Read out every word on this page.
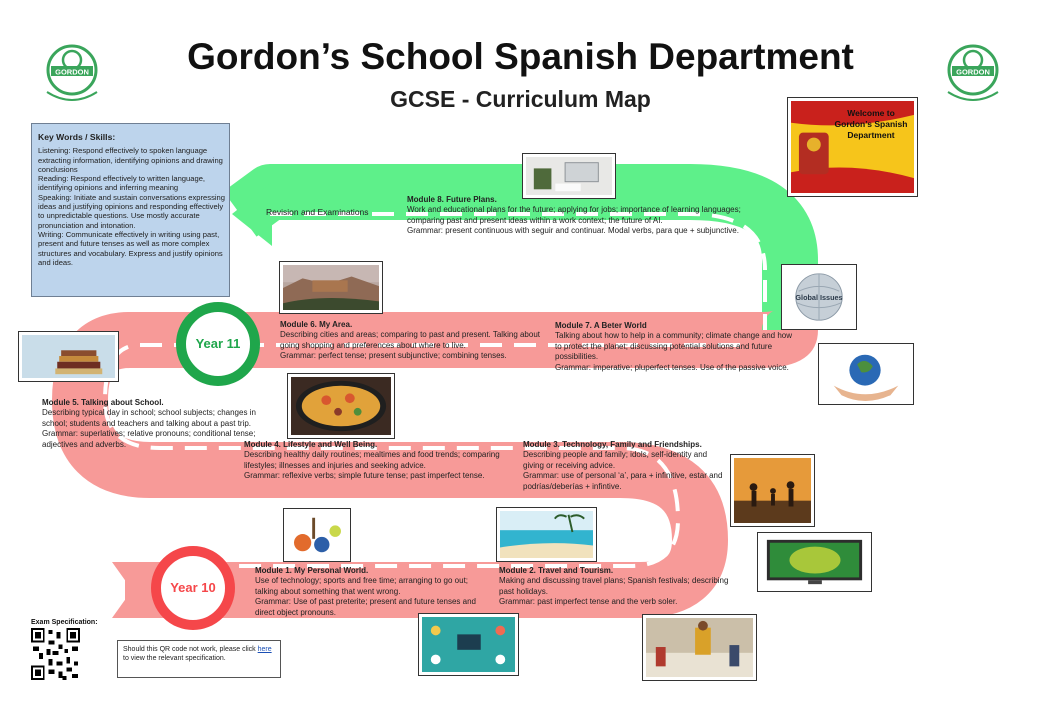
GORDON	GORDON
Gordon’s School Spanish Department
GCSE - Curriculum Map
Key Words / Skills:

Listening: Respond effectively to spoken language extracting information, identifying opinions and drawing conclusions

Reading: Respond effectively to written language, identifying opinions and inferring meaning

Speaking: Initiate and sustain conversations expressing ideas and justifying opinions and responding effectively to unpredictable questions. Use mostly accurate pronunciation and intonation.

Writing: Communicate effectively in writing using past, present and future tenses as well as more complex structures and vocabulary. Express and justify opinions and ideas.

Revision and Examinations
Year 11
Year 10
Welcome to Gordon’s Spanish Department
Global Issues
Module 8. Future Plans.

Work and educational plans for the future; applying for jobs; importance of learning languages; comparing past and present ideas within a work context; the future of AI.

Grammar: present continuous with seguir and continuar. Modal verbs, para que + subjunctive.

Module 7. A Beter World

Talking about how to help in a community; climate change and how to protect the planet; discussing potential solutions and future possibilities.

Grammar: imperative; pluperfect tenses. Use of the passive voice.

Module 6. My Area.

Describing cities and areas; comparing to past and present. Talking about going shopping and preferences about where to live.

Grammar: perfect tense; present subjunctive; combining tenses.

Module 5. Talking about School.

Describing typical day in school; school subjects; changes in school; students and teachers and talking about a past trip.

Grammar: superlatives; relative pronouns; conditional tense; adjectives and adverbs.	Module 4. Lifestyle and Well Being.

Describing healthy daily routines; mealtimes and food trends; comparing lifestyles; illnesses and injuries and seeking advice.

Grammar: reflexive verbs; simple future tense; past imperfect tense.

Module 3. Technology, Family and Friendships.

Describing people and family; idols, self-identity and giving or receiving advice.

Grammar: use of personal ‘a’, para + infinitive, estar and podrías/deberías + infintive.

Module 2. Travel and Tourism.

Making and discussing travel plans; Spanish festivals; describing past holidays.

Grammar: past imperfect tense and the verb soler.

Module 1. My Personal World.

Use of technology; sports and free time; arranging to go out; talking about something that went wrong.

Grammar: Use of past preterite; present and future tenses and direct object pronouns.

Exam Specification:
Should this QR code not work, please click here to view the relevant specification.
